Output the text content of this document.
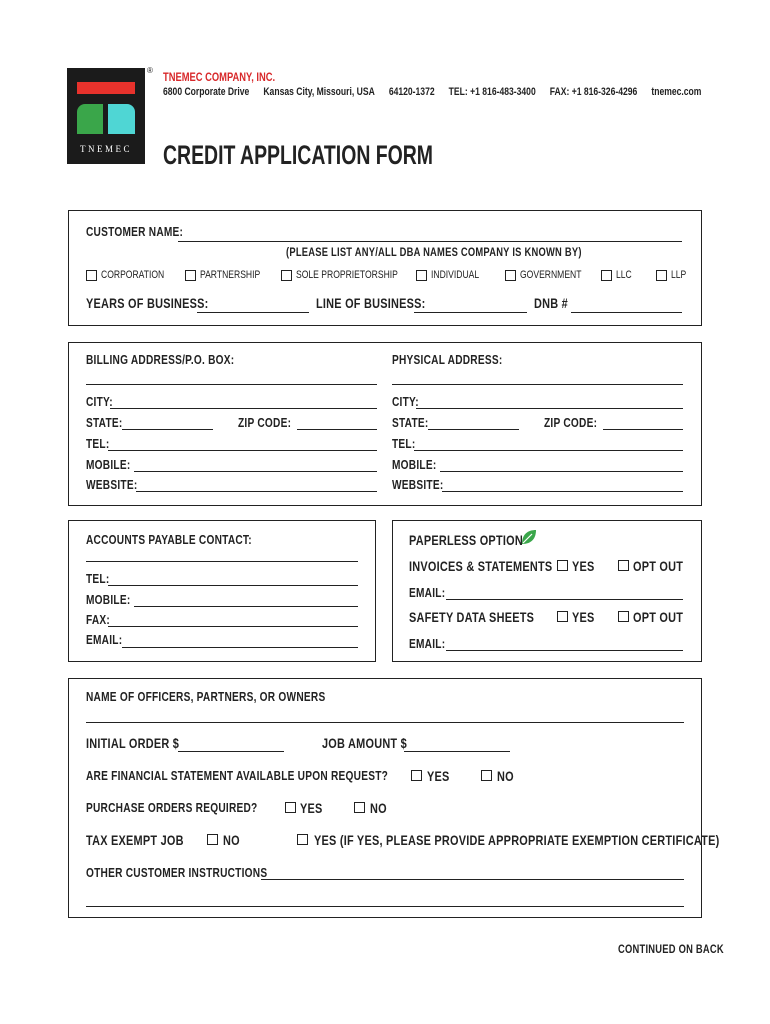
TNEMEC
® TNEMEC COMPANY, INC.
6800 Corporate Drive Kansas City, Missouri, USA 64120-1372 TEL: +1 816-483-3400 FAX: +1 816-326-4296 tnemec.com
CREDIT APPLICATION FORM
CUSTOMER NAME:
(PLEASE LIST ANY/ALL DBA NAMES COMPANY IS KNOWN BY)
CORPORATION	PARTNERSHIP	SOLE PROPRIETORSHIP	INDIVIDUAL	GOVERNMENT	LLC	LLP
YEARS OF BUSINESS:	LINE OF BUSINESS:	DNB #
BILLING ADDRESS/P.O. BOX:
CITY:
STATE:	ZIP CODE:
TEL:
MOBILE:
WEBSITE:
PHYSICAL ADDRESS:
CITY:
STATE:	ZIP CODE:
TEL:
MOBILE:
WEBSITE:
ACCOUNTS PAYABLE CONTACT:
TEL:
MOBILE:
FAX:
EMAIL:
PAPERLESS OPTION
INVOICES & STATEMENTS YES	OPT OUT
EMAIL:
SAFETY DATA SHEETS	YES	OPT OUT
EMAIL:
NAME OF OFFICERS, PARTNERS, OR OWNERS
INITIAL ORDER $	JOB AMOUNT $
ARE FINANCIAL STATEMENT AVAILABLE UPON REQUEST?	YES	NO
PURCHASE ORDERS REQUIRED?	YES	NO
TAX EXEMPT JOB	NO	YES (IF YES, PLEASE PROVIDE APPROPRIATE EXEMPTION CERTIFICATE)
OTHER CUSTOMER INSTRUCTIONS
CONTINUED ON BACK
